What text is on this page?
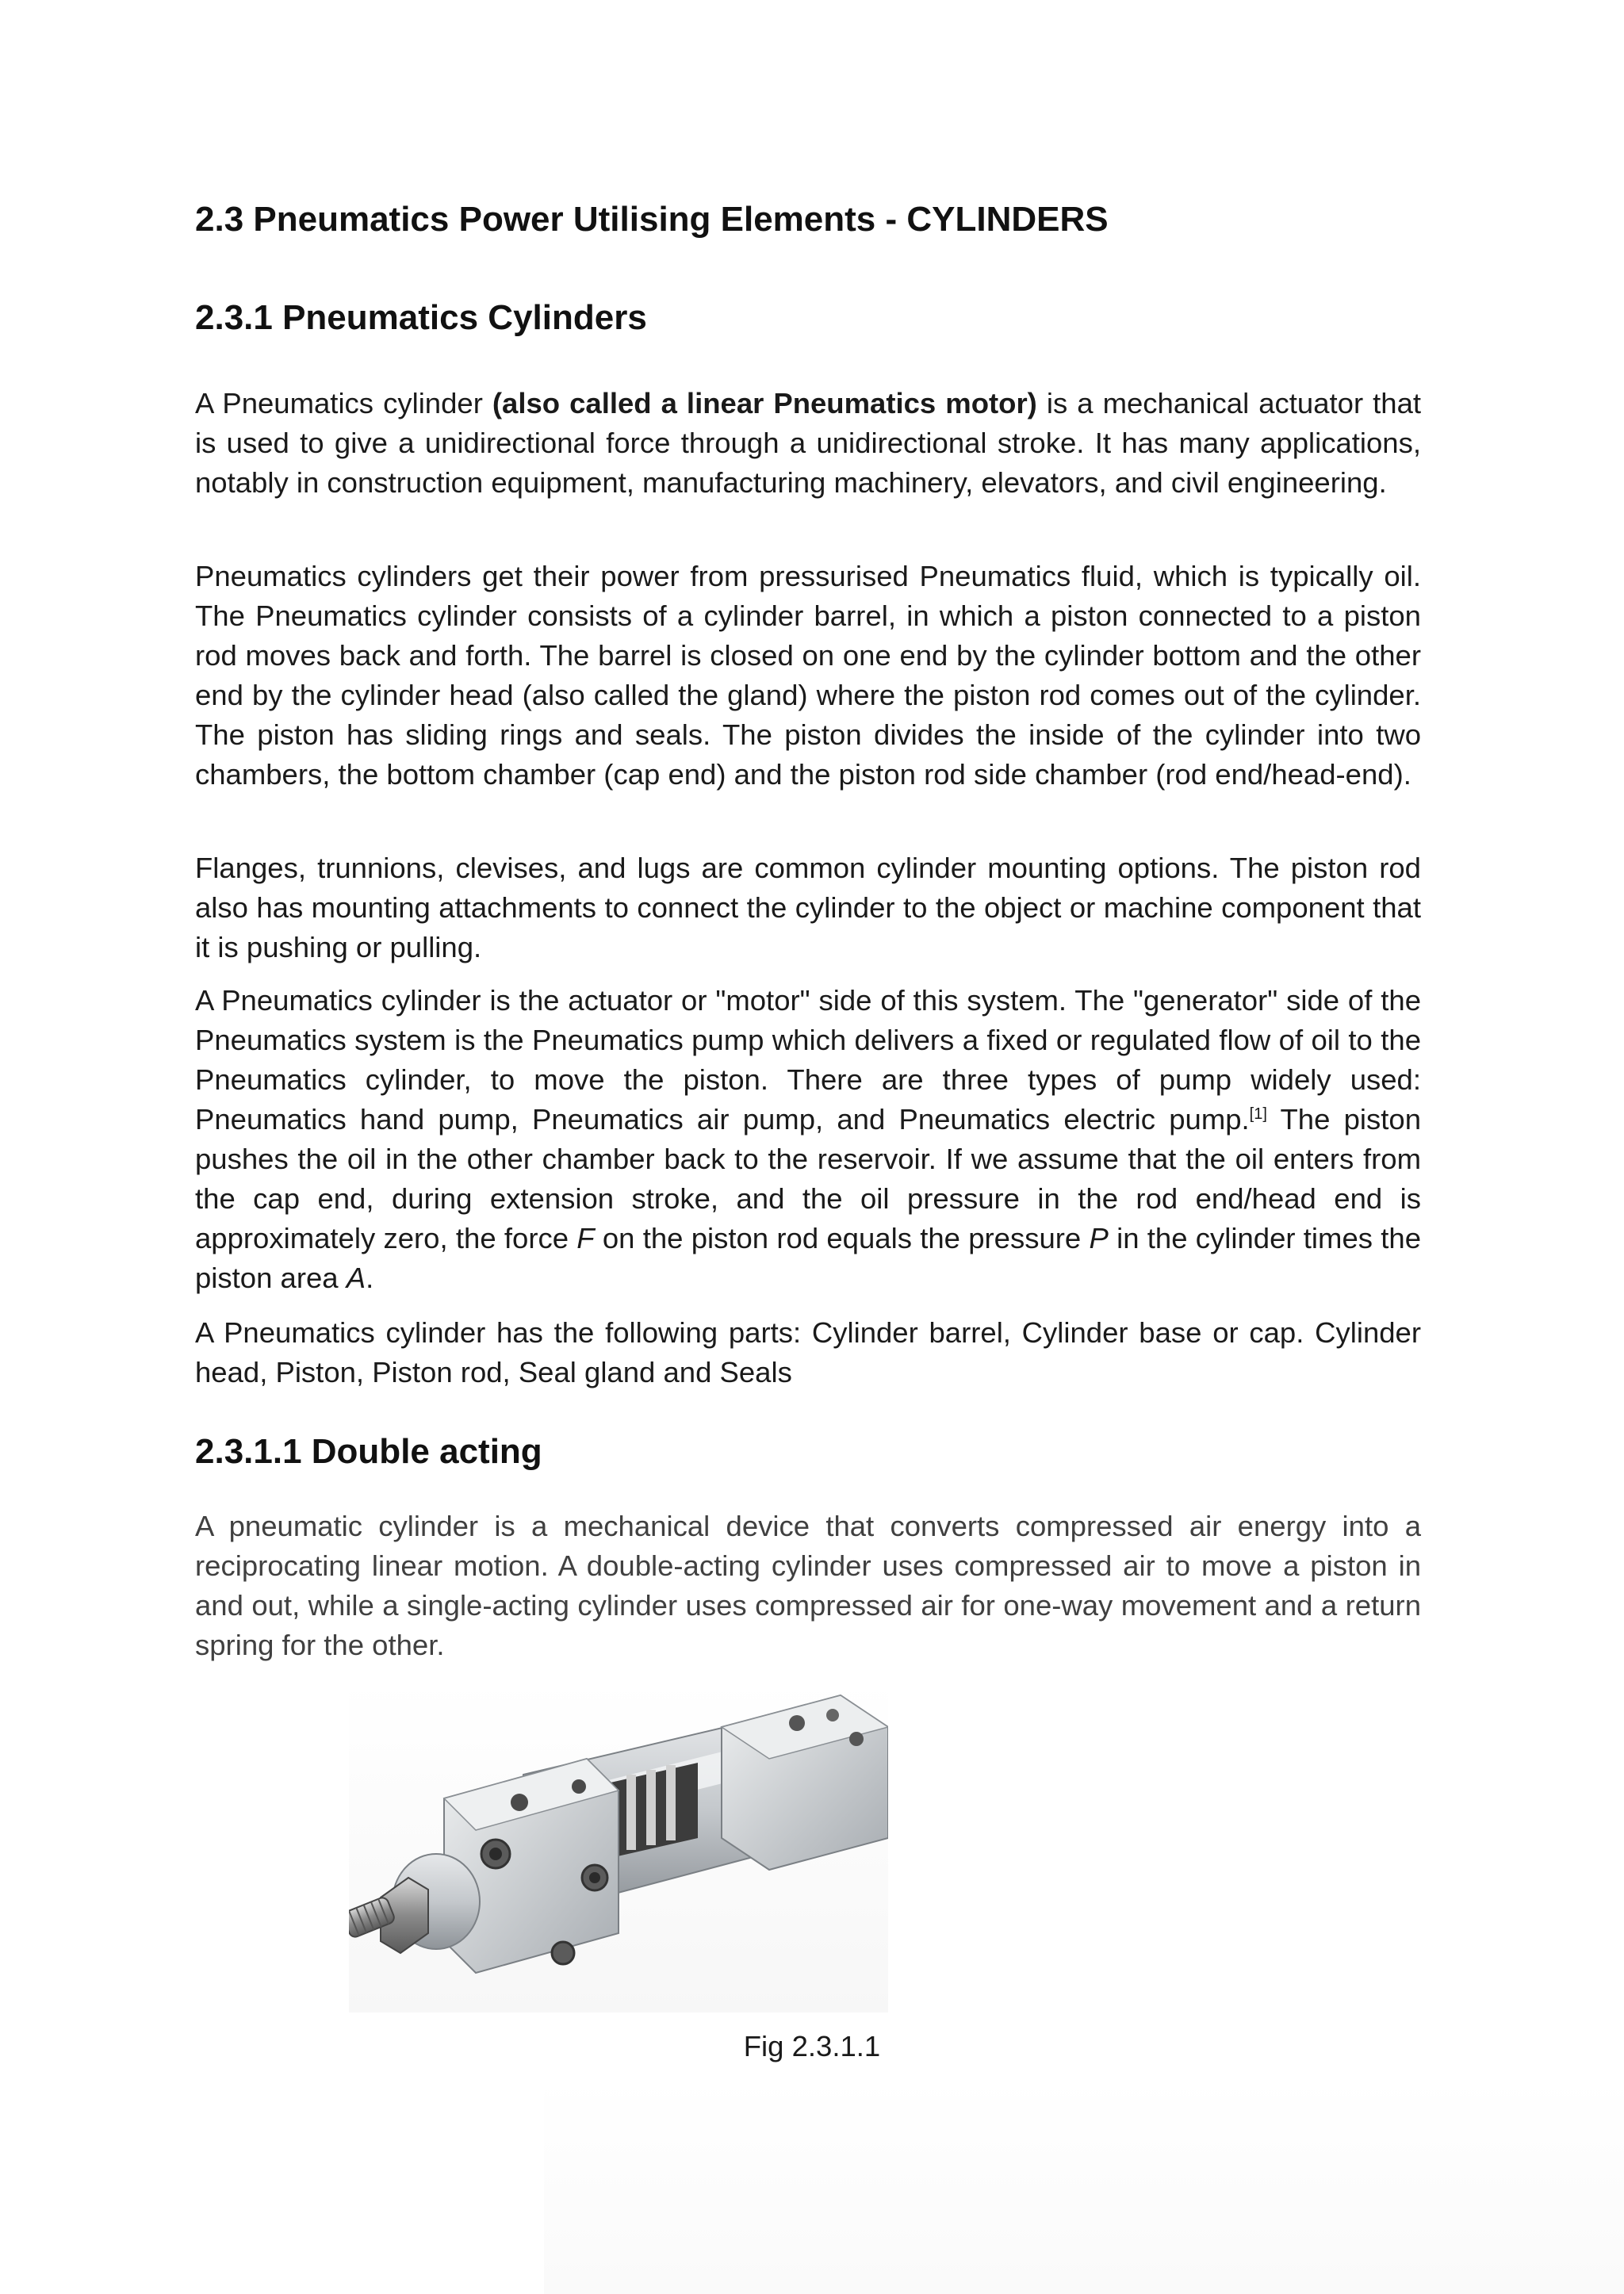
2.3 Pneumatics Power Utilising Elements - CYLINDERS
2.3.1 Pneumatics Cylinders

A Pneumatics cylinder (also called a linear Pneumatics motor) is a mechanical actuator that is used to give a unidirectional force through a unidirectional stroke. It has many applications, notably in construction equipment, manufacturing machinery, elevators, and civil engineering.

Pneumatics cylinders get their power from pressurised Pneumatics fluid, which is typically oil. The Pneumatics cylinder consists of a cylinder barrel, in which a piston connected to a piston rod moves back and forth. The barrel is closed on one end by the cylinder bottom and the other end by the cylinder head (also called the gland) where the piston rod comes out of the cylinder. The piston has sliding rings and seals. The piston divides the inside of the cylinder into two chambers, the bottom chamber (cap end) and the piston rod side chamber (rod end/head-end).

Flanges, trunnions, clevises, and lugs are common cylinder mounting options. The piston rod also has mounting attachments to connect the cylinder to the object or machine component that it is pushing or pulling.

A Pneumatics cylinder is the actuator or "motor" side of this system. The "generator" side of the Pneumatics system is the Pneumatics pump which delivers a fixed or regulated flow of oil to the Pneumatics cylinder, to move the piston. There are three types of pump widely used: Pneumatics hand pump, Pneumatics air pump, and Pneumatics electric pump.[1] The piston pushes the oil in the other chamber back to the reservoir. If we assume that the oil enters from the cap end, during extension stroke, and the oil pressure in the rod end/head end is approximately zero, the force F on the piston rod equals the pressure P in the cylinder times the piston area A.

A Pneumatics cylinder has the following parts: Cylinder barrel, Cylinder base or cap. Cylinder head, Piston, Piston rod, Seal gland and Seals

2.3.1.1 Double acting

A pneumatic cylinder is a mechanical device that converts compressed air energy into a reciprocating linear motion. A double-acting cylinder uses compressed air to move a piston in and out, while a single-acting cylinder uses compressed air for one-way movement and a return spring for the other.

Fig 2.3.1.1
